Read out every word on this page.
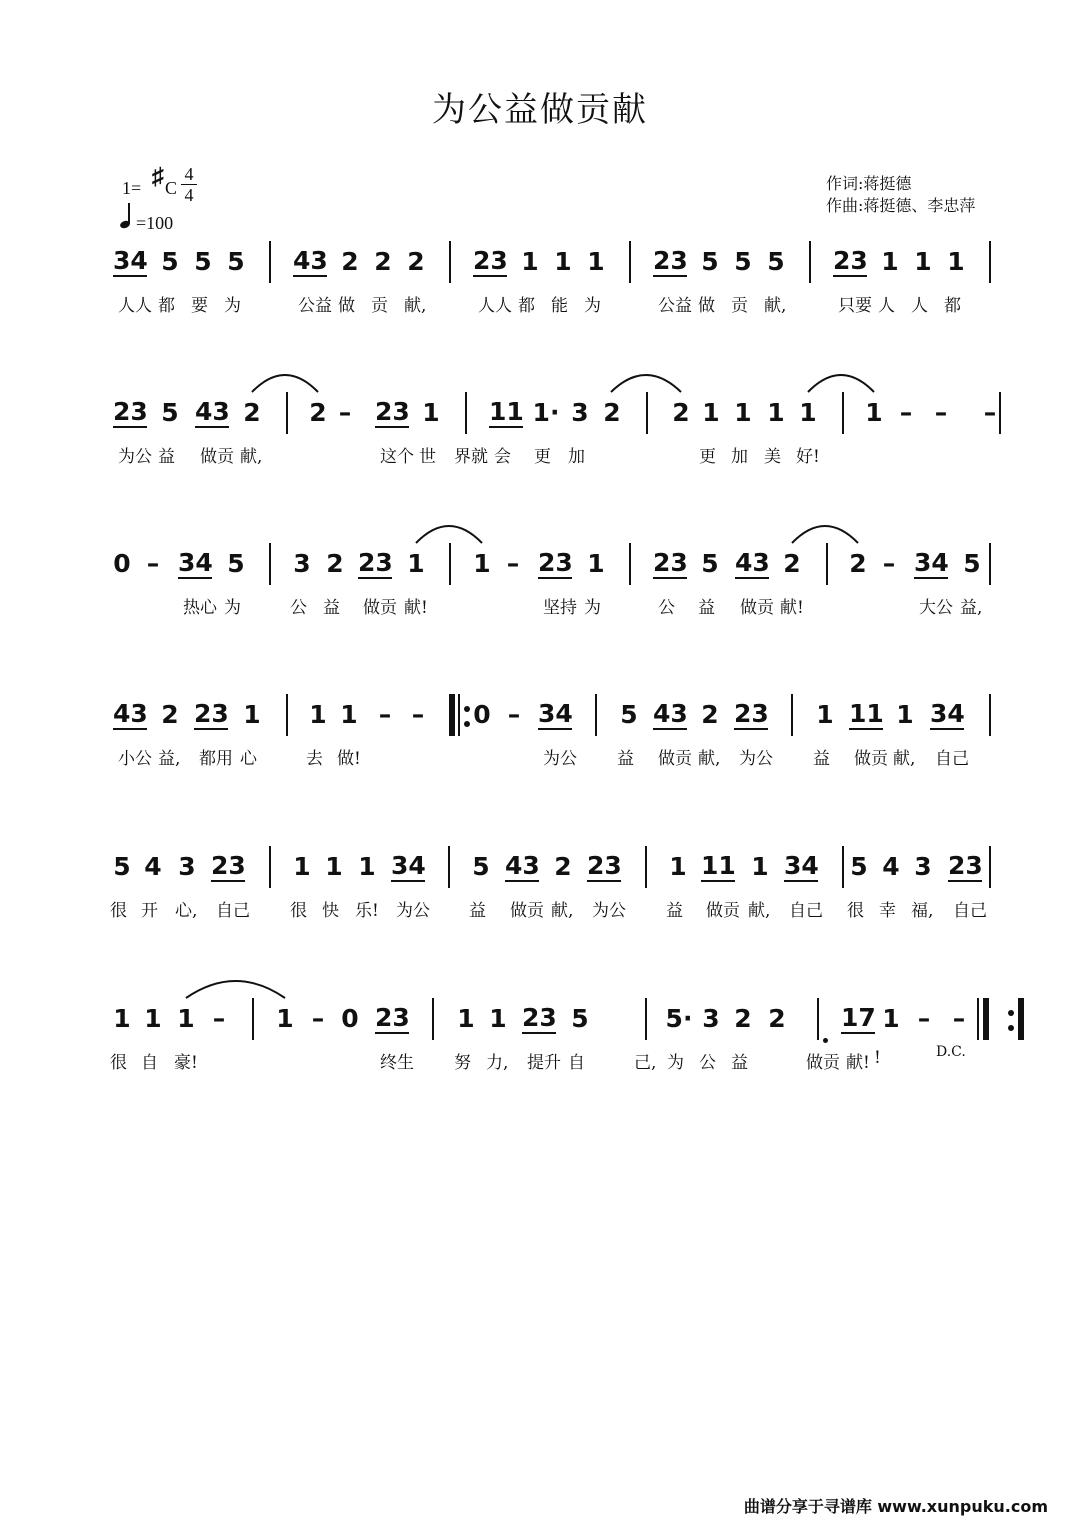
为公益做贡献
1= ♯ C
4
4
=100
作词:蒋挺德
作曲:蒋挺德、李忠萍
34 5 5 5 43 2 2 2 23 1 1 1 23 5 5 5 23 1 1 1
人人 都 要 为	公益 做 贡 献,	人人 都 能 为	公益 做 贡 献,	只要 人 人 都
23 5 43 2 2 – 23 1 11 1· 3 2 2 1 1 1 1 1 – – –
为公 益 做贡 献,	这个 世 界就 会 更 加	更 加 美 好!
0 – 34 5 3 2 23 1 1 – 23 1 23 5 43 2 2 – 34 5
热心 为	公 益 做贡 献!	坚持 为	公 益 做贡 献!	大公 益,
43 2 23 1 1 1 – – 0 – 34 5 43 2 23 1 11 1 34
小公 益, 都用 心	去 做!	为公 益 做贡 献, 为公 益 做贡 献, 自己
5 4 3 23 1 1 1 34 5 43 2 23 1 11 1 34 5 4 3 23
很 开 心, 自己 很 快 乐! 为公 益 做贡 献, 为公 益 做贡 献, 自己 很 幸 福, 自己
1 1 1 – 1 – 0 23 1 1 23 5	5· 3 2 2 17 1 – –
很 自 豪!	终生 努 力, 提升 自	己, 为 公 益	做贡 献! !	D.C.
曲谱分享于寻谱库 www.xunpuku.com
